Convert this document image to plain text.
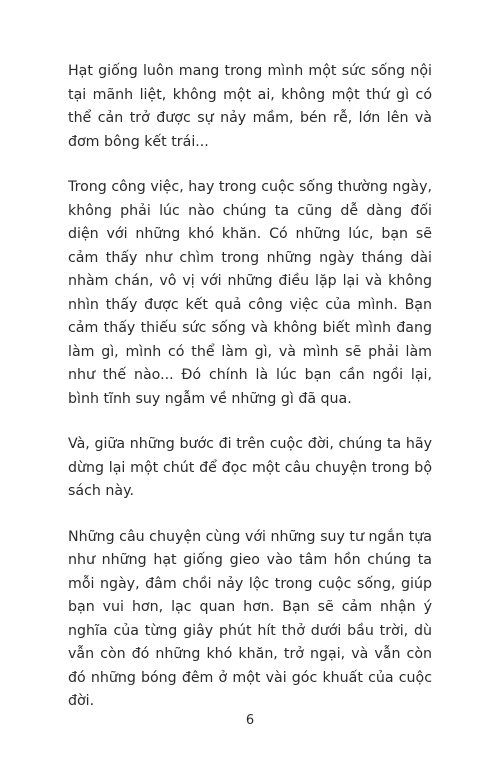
Hạt giống luôn mang trong mình một sức sống nội tại mãnh liệt, không một ai, không một thứ gì có thể cản trở được sự nảy mầm, bén rễ, lớn lên và đơm bông kết trái...

Trong công việc, hay trong cuộc sống thường ngày, không phải lúc nào chúng ta cũng dễ dàng đối diện với những khó khăn. Có những lúc, bạn sẽ cảm thấy như chìm trong những ngày tháng dài nhàm chán, vô vị với những điều lặp lại và không nhìn thấy được kết quả công việc của mình. Bạn cảm thấy thiếu sức sống và không biết mình đang làm gì, mình có thể làm gì, và mình sẽ phải làm như thế nào... Đó chính là lúc bạn cần ngồi lại, bình tĩnh suy ngẫm về những gì đã qua.

Và, giữa những bước đi trên cuộc đời, chúng ta hãy dừng lại một chút để đọc một câu chuyện trong bộ sách này.

Những câu chuyện cùng với những suy tư ngắn tựa như những hạt giống gieo vào tâm hồn chúng ta mỗi ngày, đâm chồi nảy lộc trong cuộc sống, giúp bạn vui hơn, lạc quan hơn. Bạn sẽ cảm nhận ý nghĩa của từng giây phút hít thở dưới bầu trời, dù vẫn còn đó những khó khăn, trở ngại, và vẫn còn đó những bóng đêm ở một vài góc khuất của cuộc đời.

6
